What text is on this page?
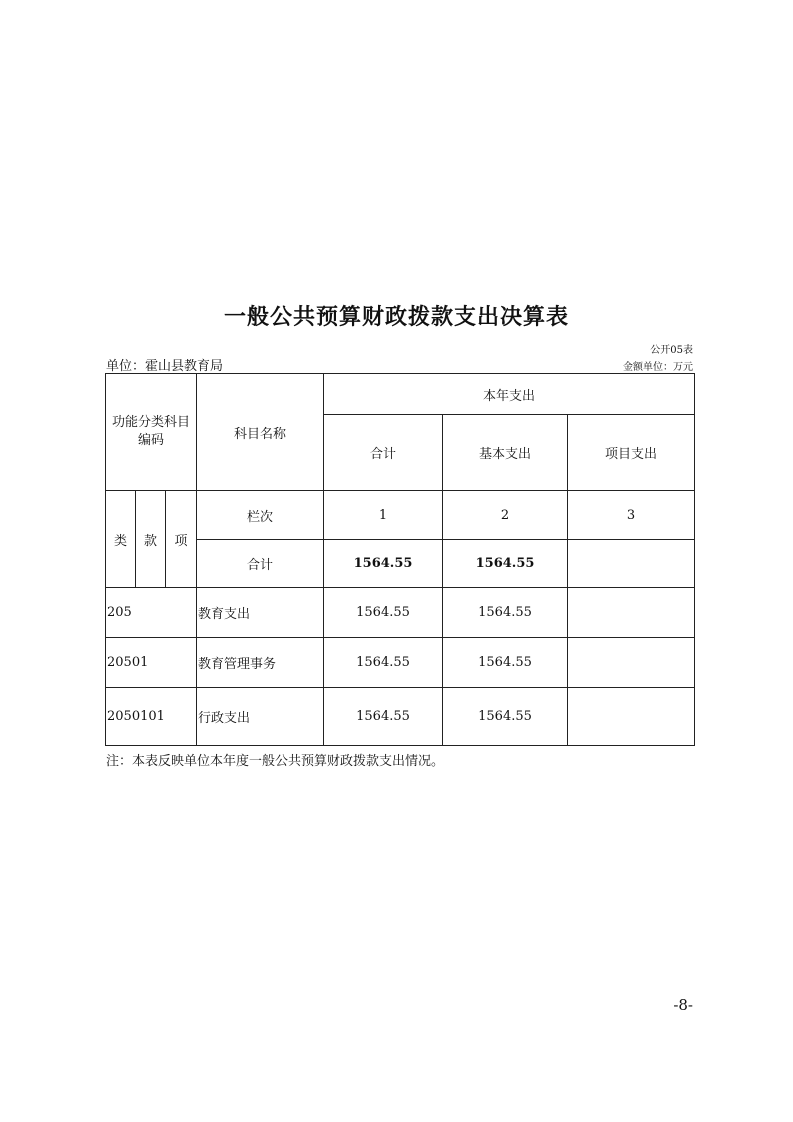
一般公共预算财政拨款支出决算表
公开05表
单位：霍山县教育局	金额单位：万元
功能分类科目编码			科目名称	本年支出		
				合计	基本支出	项目支出
类	款	项	栏次	1	2	3
			合计	1564.55	1564.55	
205			教育支出	1564.55	1564.55	
20501			教育管理事务	1564.55	1564.55	
2050101			行政支出	1564.55	1564.55	
注：本表反映单位本年度一般公共预算财政拨款支出情况。
-8-
